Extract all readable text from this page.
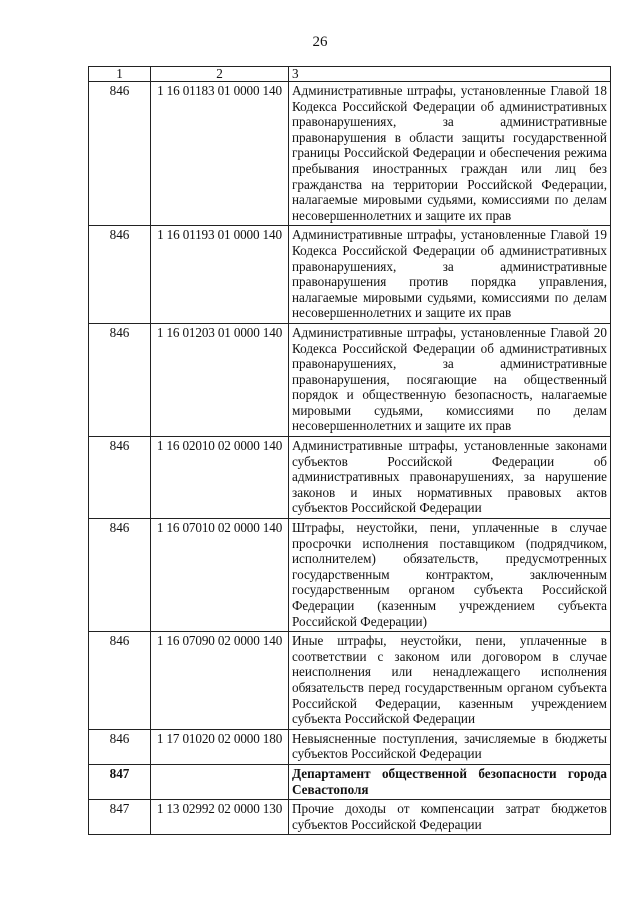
26
1	2	3
846	1 16 01183 01 0000 140	Административные штрафы, установленные Главой 18 Кодекса Российской Федерации об административных правонарушениях, за административные правонарушения в области защиты государственной границы Российской Федерации и обеспечения режима пребывания иностранных граждан или лиц без гражданства на территории Российской Федерации, налагаемые мировыми судьями, комиссиями по делам несовершеннолетних и защите их прав
846	1 16 01193 01 0000 140	Административные штрафы, установленные Главой 19 Кодекса Российской Федерации об административных правонарушениях, за административные правонарушения против порядка управления, налагаемые мировыми судьями, комиссиями по делам несовершеннолетних и защите их прав
846	1 16 01203 01 0000 140	Административные штрафы, установленные Главой 20 Кодекса Российской Федерации об административных правонарушениях, за административные правонарушения, посягающие на общественный порядок и общественную безопасность, налагаемые мировыми судьями, комиссиями по делам несовершеннолетних и защите их прав
846	1 16 02010 02 0000 140	Административные штрафы, установленные законами субъектов Российской Федерации об административных правонарушениях, за нарушение законов и иных нормативных правовых актов субъектов Российской Федерации
846	1 16 07010 02 0000 140	Штрафы, неустойки, пени, уплаченные в случае просрочки исполнения поставщиком (подрядчиком, исполнителем) обязательств, предусмотренных государственным контрактом, заключенным государственным органом субъекта Российской Федерации (казенным учреждением субъекта Российской Федерации)
846	1 16 07090 02 0000 140	Иные штрафы, неустойки, пени, уплаченные в соответствии с законом или договором в случае неисполнения или ненадлежащего исполнения обязательств перед государственным органом субъекта Российской Федерации, казенным учреждением субъекта Российской Федерации
846	1 17 01020 02 0000 180	Невыясненные поступления, зачисляемые в бюджеты субъектов Российской Федерации
847		Департамент общественной безопасности города Севастополя
847	1 13 02992 02 0000 130	Прочие доходы от компенсации затрат бюджетов субъектов Российской Федерации
